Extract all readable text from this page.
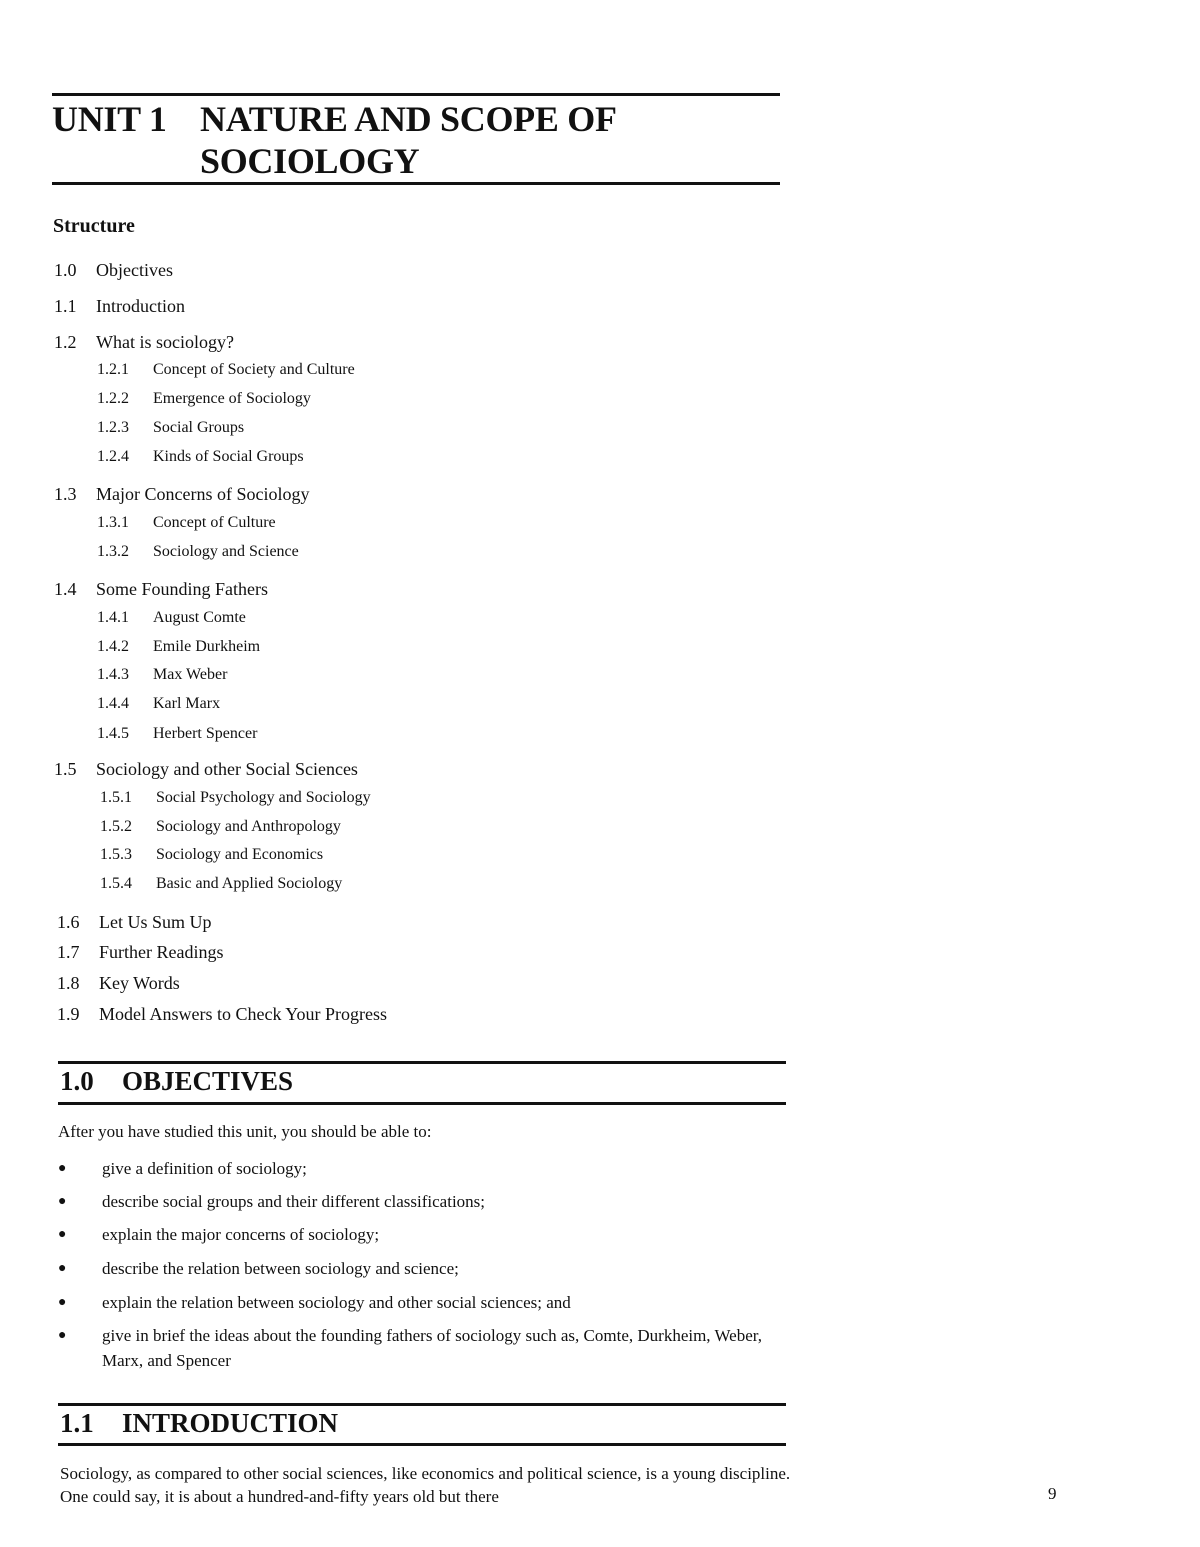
UNIT 1 NATURE AND SCOPE OF
SOCIOLOGY
Structure
1.0 Objectives
1.1 Introduction
1.2 What is sociology?
1.2.1 Concept of Society and Culture
1.2.2 Emergence of Sociology
1.2.3 Social Groups
1.2.4 Kinds of Social Groups
1.3 Major Concerns of Sociology
1.3.1 Concept of Culture
1.3.2 Sociology and Science
1.4 Some Founding Fathers
1.4.1 August Comte
1.4.2 Emile Durkheim
1.4.3 Max Weber
1.4.4 Karl Marx
1.4.5 Herbert Spencer
1.5 Sociology and other Social Sciences
1.5.1 Social Psychology and Sociology
1.5.2 Sociology and Anthropology
1.5.3 Sociology and Economics
1.5.4 Basic and Applied Sociology
1.6 Let Us Sum Up
1.7 Further Readings
1.8 Key Words
1.9 Model Answers to Check Your Progress
1.0 OBJECTIVES
After you have studied this unit, you should be able to:
● give a definition of sociology;
● describe social groups and their different classifications;
● explain the major concerns of sociology;
● describe the relation between sociology and science;
● explain the relation between sociology and other social sciences; and
● give in brief the ideas about the founding fathers of sociology such as, Comte, Durkheim, Weber, Marx, and Spencer
1.1 INTRODUCTION
Sociology, as compared to other social sciences, like economics and political science, is a young discipline. One could say, it is about a hundred-and-fifty years old but there	9
